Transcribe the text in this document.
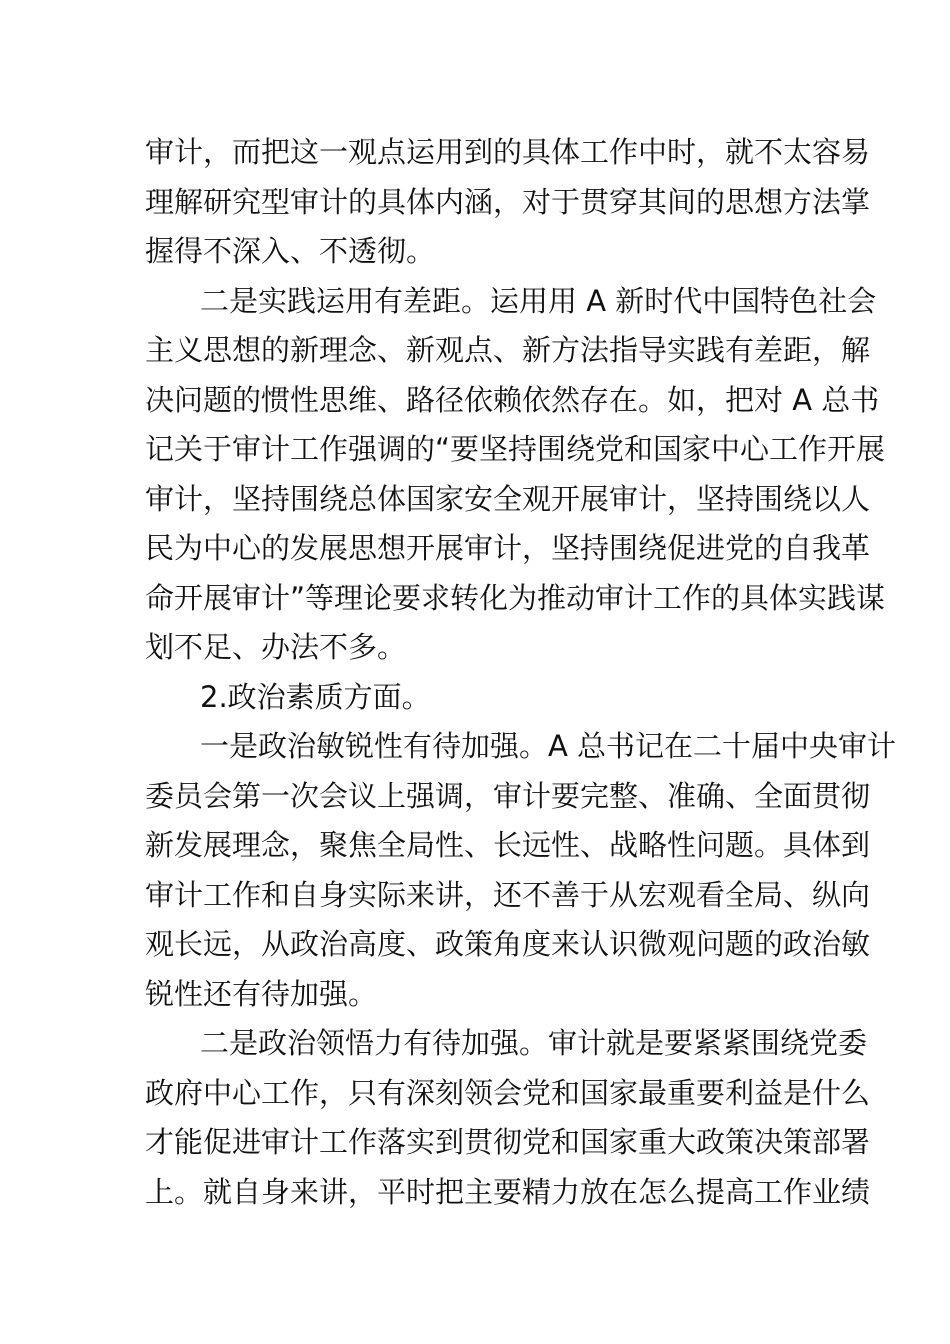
审计，而把这一观点运用到的具体工作中时，就不太容易
理解研究型审计的具体内涵，对于贯穿其间的思想方法掌
握得不深入、不透彻。
二是实践运用有差距。运用用 A 新时代中国特色社会
主义思想的新理念、新观点、新方法指导实践有差距，解
决问题的惯性思维、路径依赖依然存在。如，把对 A 总书
记关于审计工作强调的“要坚持围绕党和国家中心工作开展
审计，坚持围绕总体国家安全观开展审计，坚持围绕以人
民为中心的发展思想开展审计，坚持围绕促进党的自我革
命开展审计”等理论要求转化为推动审计工作的具体实践谋
划不足、办法不多。
2.政治素质方面。
一是政治敏锐性有待加强。A 总书记在二十届中央审计
委员会第一次会议上强调，审计要完整、准确、全面贯彻
新发展理念，聚焦全局性、长远性、战略性问题。具体到
审计工作和自身实际来讲，还不善于从宏观看全局、纵向
观长远，从政治高度、政策角度来认识微观问题的政治敏
锐性还有待加强。
二是政治领悟力有待加强。审计就是要紧紧围绕党委
政府中心工作，只有深刻领会党和国家最重要利益是什么
才能促进审计工作落实到贯彻党和国家重大政策决策部署
上。就自身来讲，平时把主要精力放在怎么提高工作业绩
